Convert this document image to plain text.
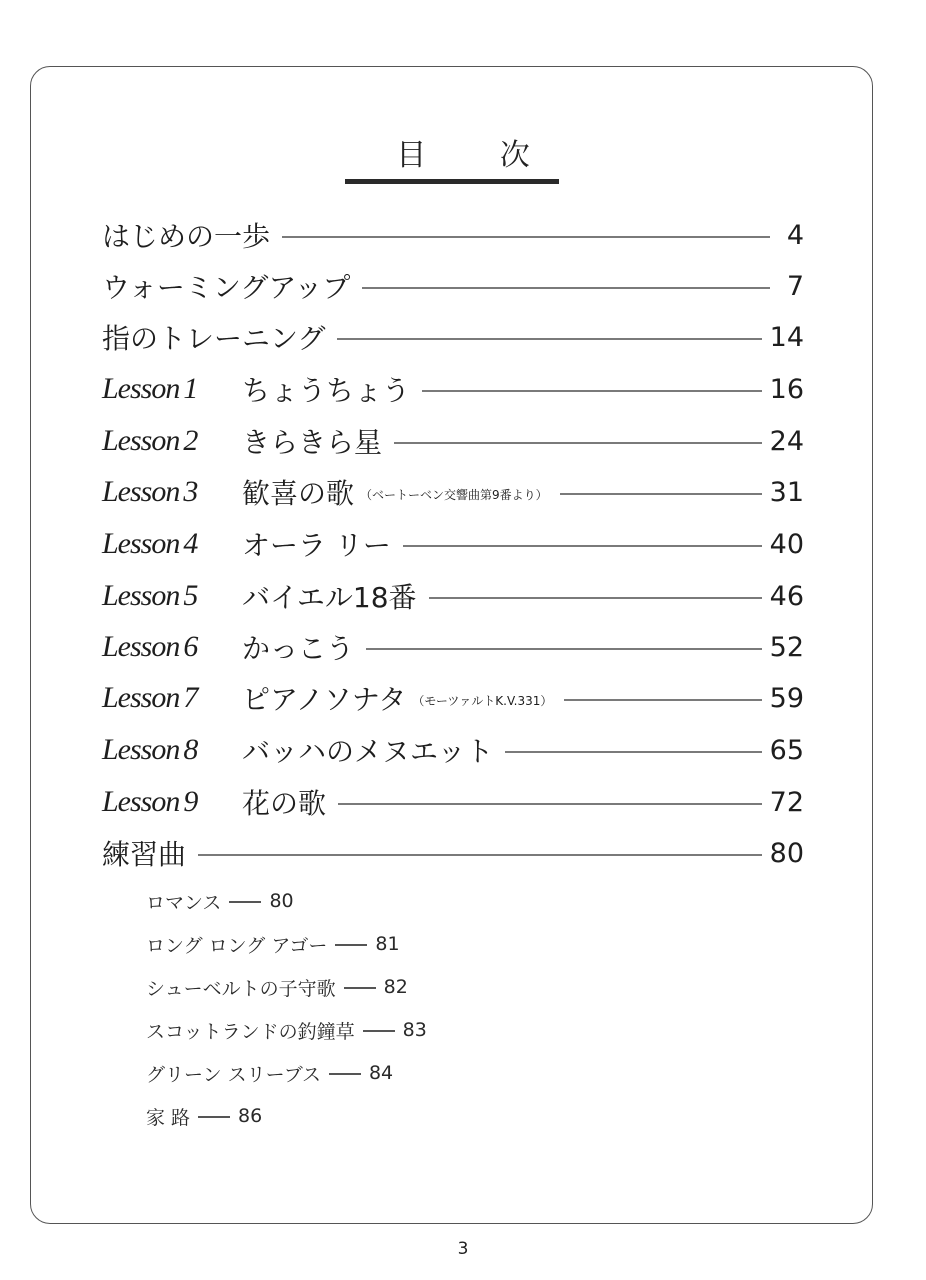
目 次
はじめの一歩	4
ウォーミングアップ	7
指のトレーニング	14
Lesson 1 ちょうちょう	16
Lesson 2 きらきら星	24
Lesson 3 歓喜の歌 （ベートーベン交響曲第9番より）	31
Lesson 4 オーラ リー	40
Lesson 5 バイエル18番	46
Lesson 6 かっこう	52
Lesson 7 ピアノソナタ （モーツァルトK.V.331）	59
Lesson 8 バッハのメヌエット	65
Lesson 9 花の歌	72
練習曲	80
ロマンス	80
ロング ロング アゴー	81
シューベルトの子守歌	82
スコットランドの釣鐘草	83
グリーン スリーブス	84
家 路	86
3
